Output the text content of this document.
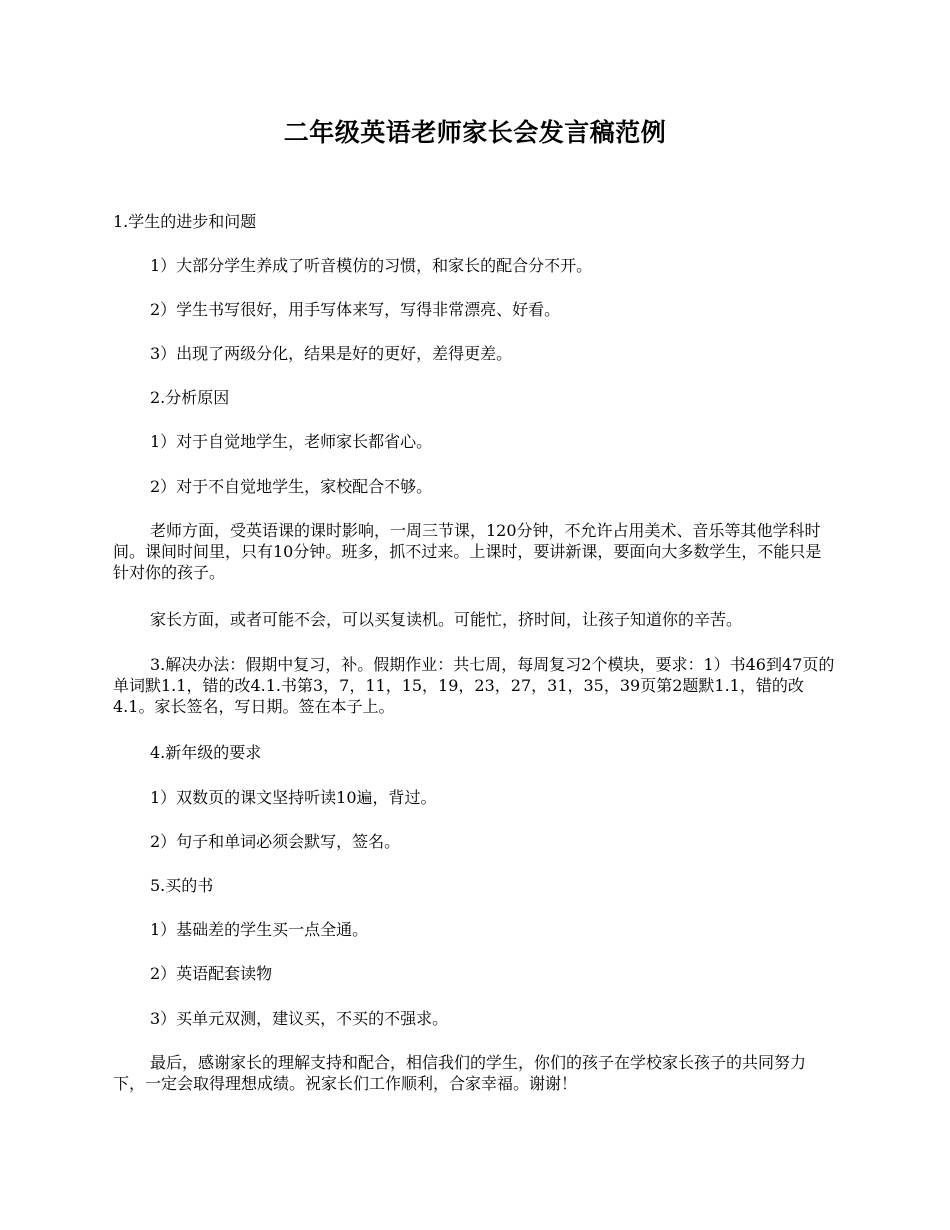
二年级英语老师家长会发言稿范例

1.学生的进步和问题

1）大部分学生养成了听音模仿的习惯，和家长的配合分不开。

2）学生书写很好，用手写体来写，写得非常漂亮、好看。

3）出现了两级分化，结果是好的更好，差得更差。

2.分析原因

1）对于自觉地学生，老师家长都省心。

2）对于不自觉地学生，家校配合不够。

老师方面，受英语课的课时影响，一周三节课，120分钟，不允许占用美术、音乐等其他学科时间。课间时间里，只有10分钟。班多，抓不过来。上课时，要讲新课，要面向大多数学生，不能只是针对你的孩子。

家长方面，或者可能不会，可以买复读机。可能忙，挤时间，让孩子知道你的辛苦。

3.解决办法：假期中复习，补。假期作业：共七周，每周复习2个模块，要求：1）书46到47页的单词默1.1，错的改4.1.书第3，7，11，15，19，23，27，31，35，39页第2题默1.1，错的改4.1。家长签名，写日期。签在本子上。

4.新年级的要求

1）双数页的课文坚持听读10遍，背过。

2）句子和单词必须会默写，签名。

5.买的书

1）基础差的学生买一点全通。

2）英语配套读物

3）买单元双测，建议买，不买的不强求。

最后，感谢家长的理解支持和配合，相信我们的学生，你们的孩子在学校家长孩子的共同努力下，一定会取得理想成绩。祝家长们工作顺利，合家幸福。谢谢！
